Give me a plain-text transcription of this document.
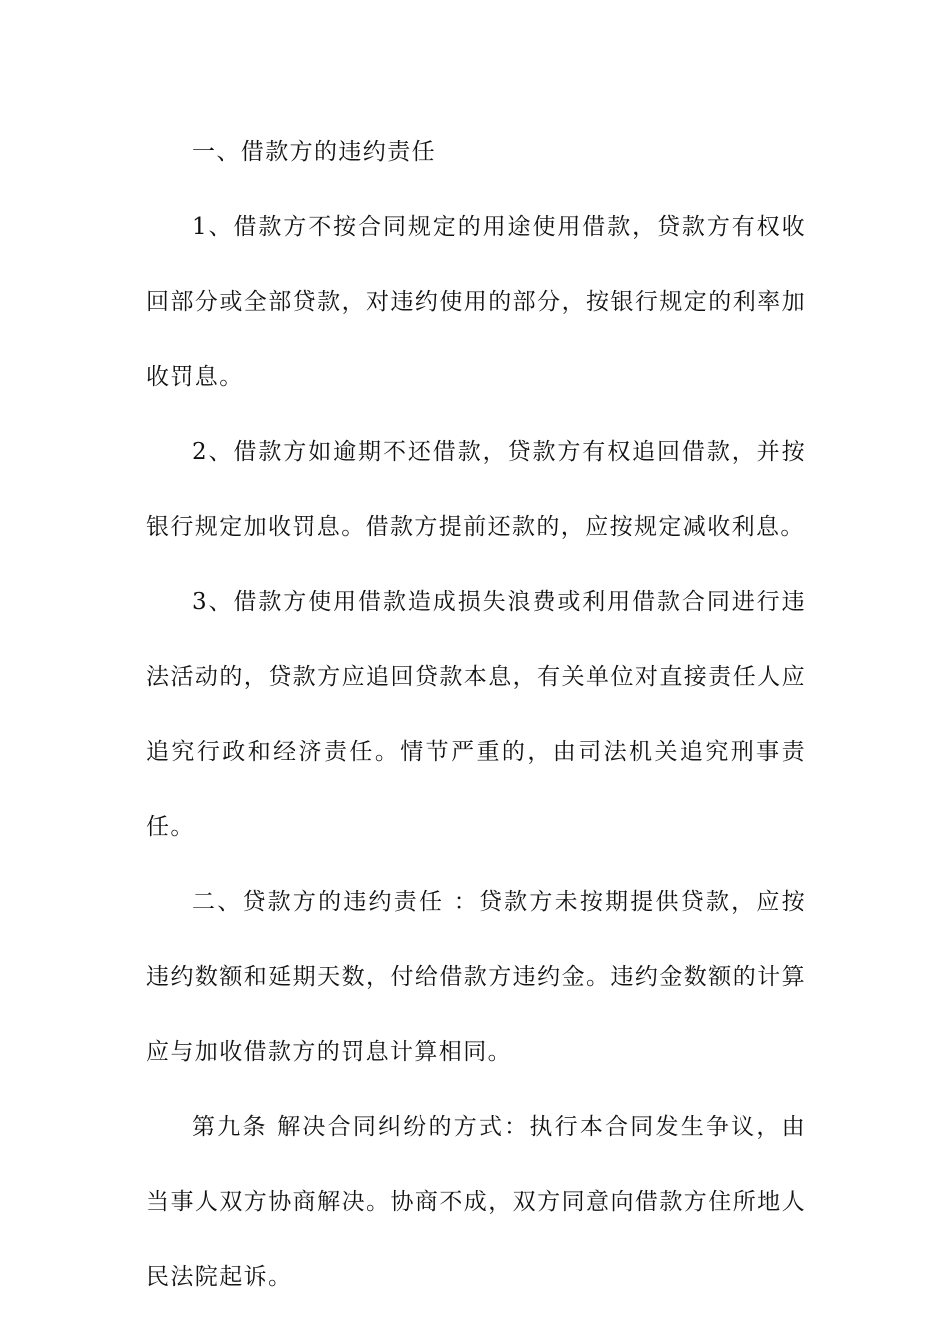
一、借款方的违约责任

1、借款方不按合同规定的用途使用借款，贷款方有权收回部分或全部贷款，对违约使用的部分，按银行规定的利率加收罚息。

2、借款方如逾期不还借款，贷款方有权追回借款，并按银行规定加收罚息。借款方提前还款的，应按规定减收利息。

3、借款方使用借款造成损失浪费或利用借款合同进行违法活动的，贷款方应追回贷款本息，有关单位对直接责任人应追究行政和经济责任。情节严重的，由司法机关追究刑事责任。

二、贷款方的违约责任 ：贷款方未按期提供贷款，应按违约数额和延期天数，付给借款方违约金。违约金数额的计算应与加收借款方的罚息计算相同。

第九条 解决合同纠纷的方式：执行本合同发生争议，由当事人双方协商解决。协商不成，双方同意向借款方住所地人民法院起诉。
